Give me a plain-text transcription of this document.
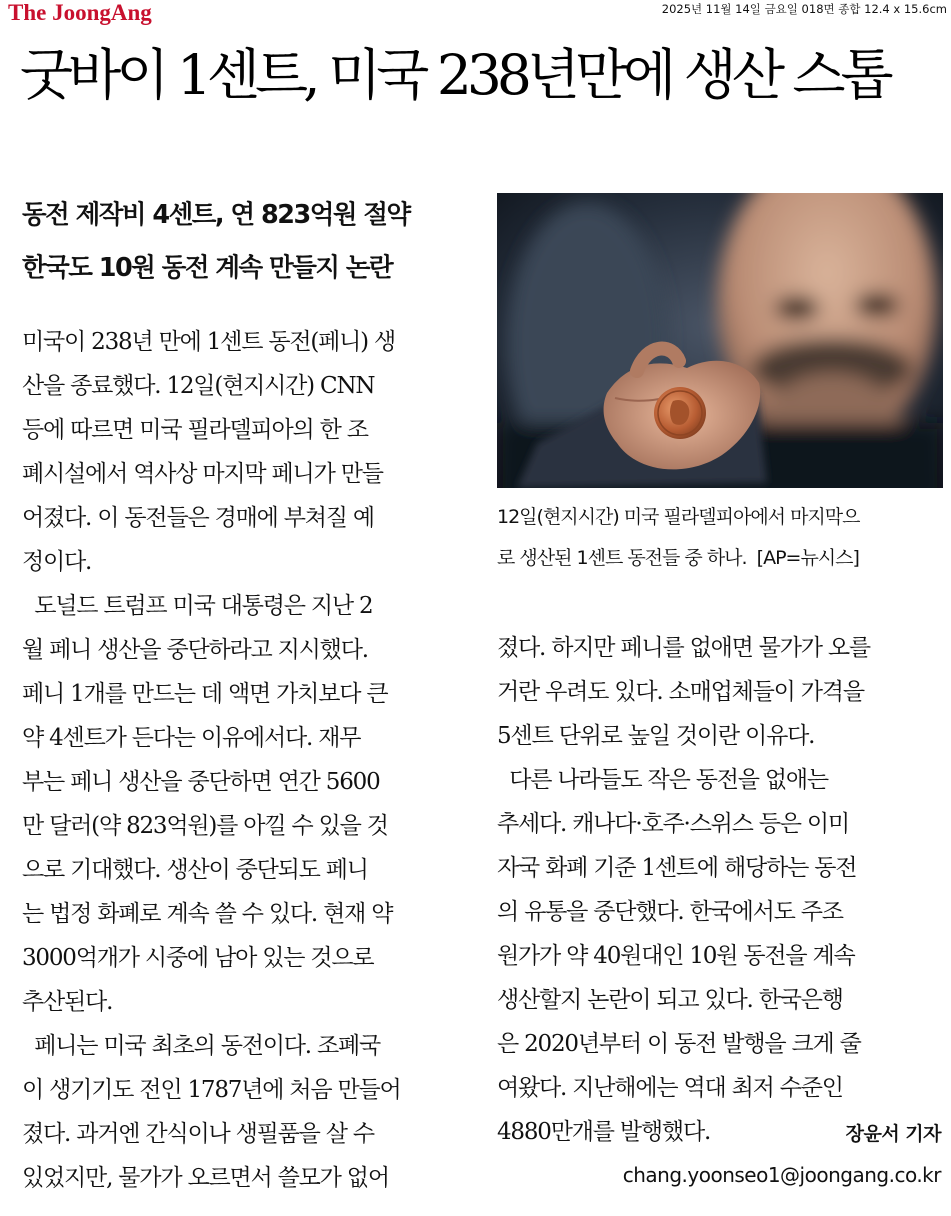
The JoongAng	2025년 11월 14일 금요일 018면 종합 12.4 x 15.6cm
굿바이 1센트, 미국 238년만에 생산 스톱
동전 제작비 4센트, 연 823억원 절약
한국도 10원 동전 계속 만들지 논란
미국이 238년 만에 1센트 동전(페니) 생
산을 종료했다. 12일(현지시간) CNN
등에 따르면 미국 필라델피아의 한 조
폐시설에서 역사상 마지막 페니가 만들
어졌다. 이 동전들은 경매에 부쳐질 예
정이다.
도널드 트럼프 미국 대통령은 지난 2
월 페니 생산을 중단하라고 지시했다.
페니 1개를 만드는 데 액면 가치보다 큰
약 4센트가 든다는 이유에서다. 재무
부는 페니 생산을 중단하면 연간 5600
만 달러(약 823억원)를 아낄 수 있을 것
으로 기대했다. 생산이 중단되도 페니
는 법정 화폐로 계속 쓸 수 있다. 현재 약
3000억개가 시중에 남아 있는 것으로
추산된다.
페니는 미국 최초의 동전이다. 조폐국
이 생기기도 전인 1787년에 처음 만들어
졌다. 과거엔 간식이나 생필품을 살 수
있었지만, 물가가 오르면서 쓸모가 없어
12일(현지시간) 미국 필라델피아에서 마지막으
로 생산된 1센트 동전들 중 하나.  [AP=뉴시스]
졌다. 하지만 페니를 없애면 물가가 오를
거란 우려도 있다. 소매업체들이 가격을
5센트 단위로 높일 것이란 이유다.
다른 나라들도 작은 동전을 없애는
추세다. 캐나다·호주·스위스 등은 이미
자국 화폐 기준 1센트에 해당하는 동전
의 유통을 중단했다. 한국에서도 주조
원가가 약 40원대인 10원 동전을 계속
생산할지 논란이 되고 있다. 한국은행
은 2020년부터 이 동전 발행을 크게 줄
여왔다. 지난해에는 역대 최저 수준인
4880만개를 발행했다.	장윤서 기자
chang.yoonseo1@joongang.co.kr
